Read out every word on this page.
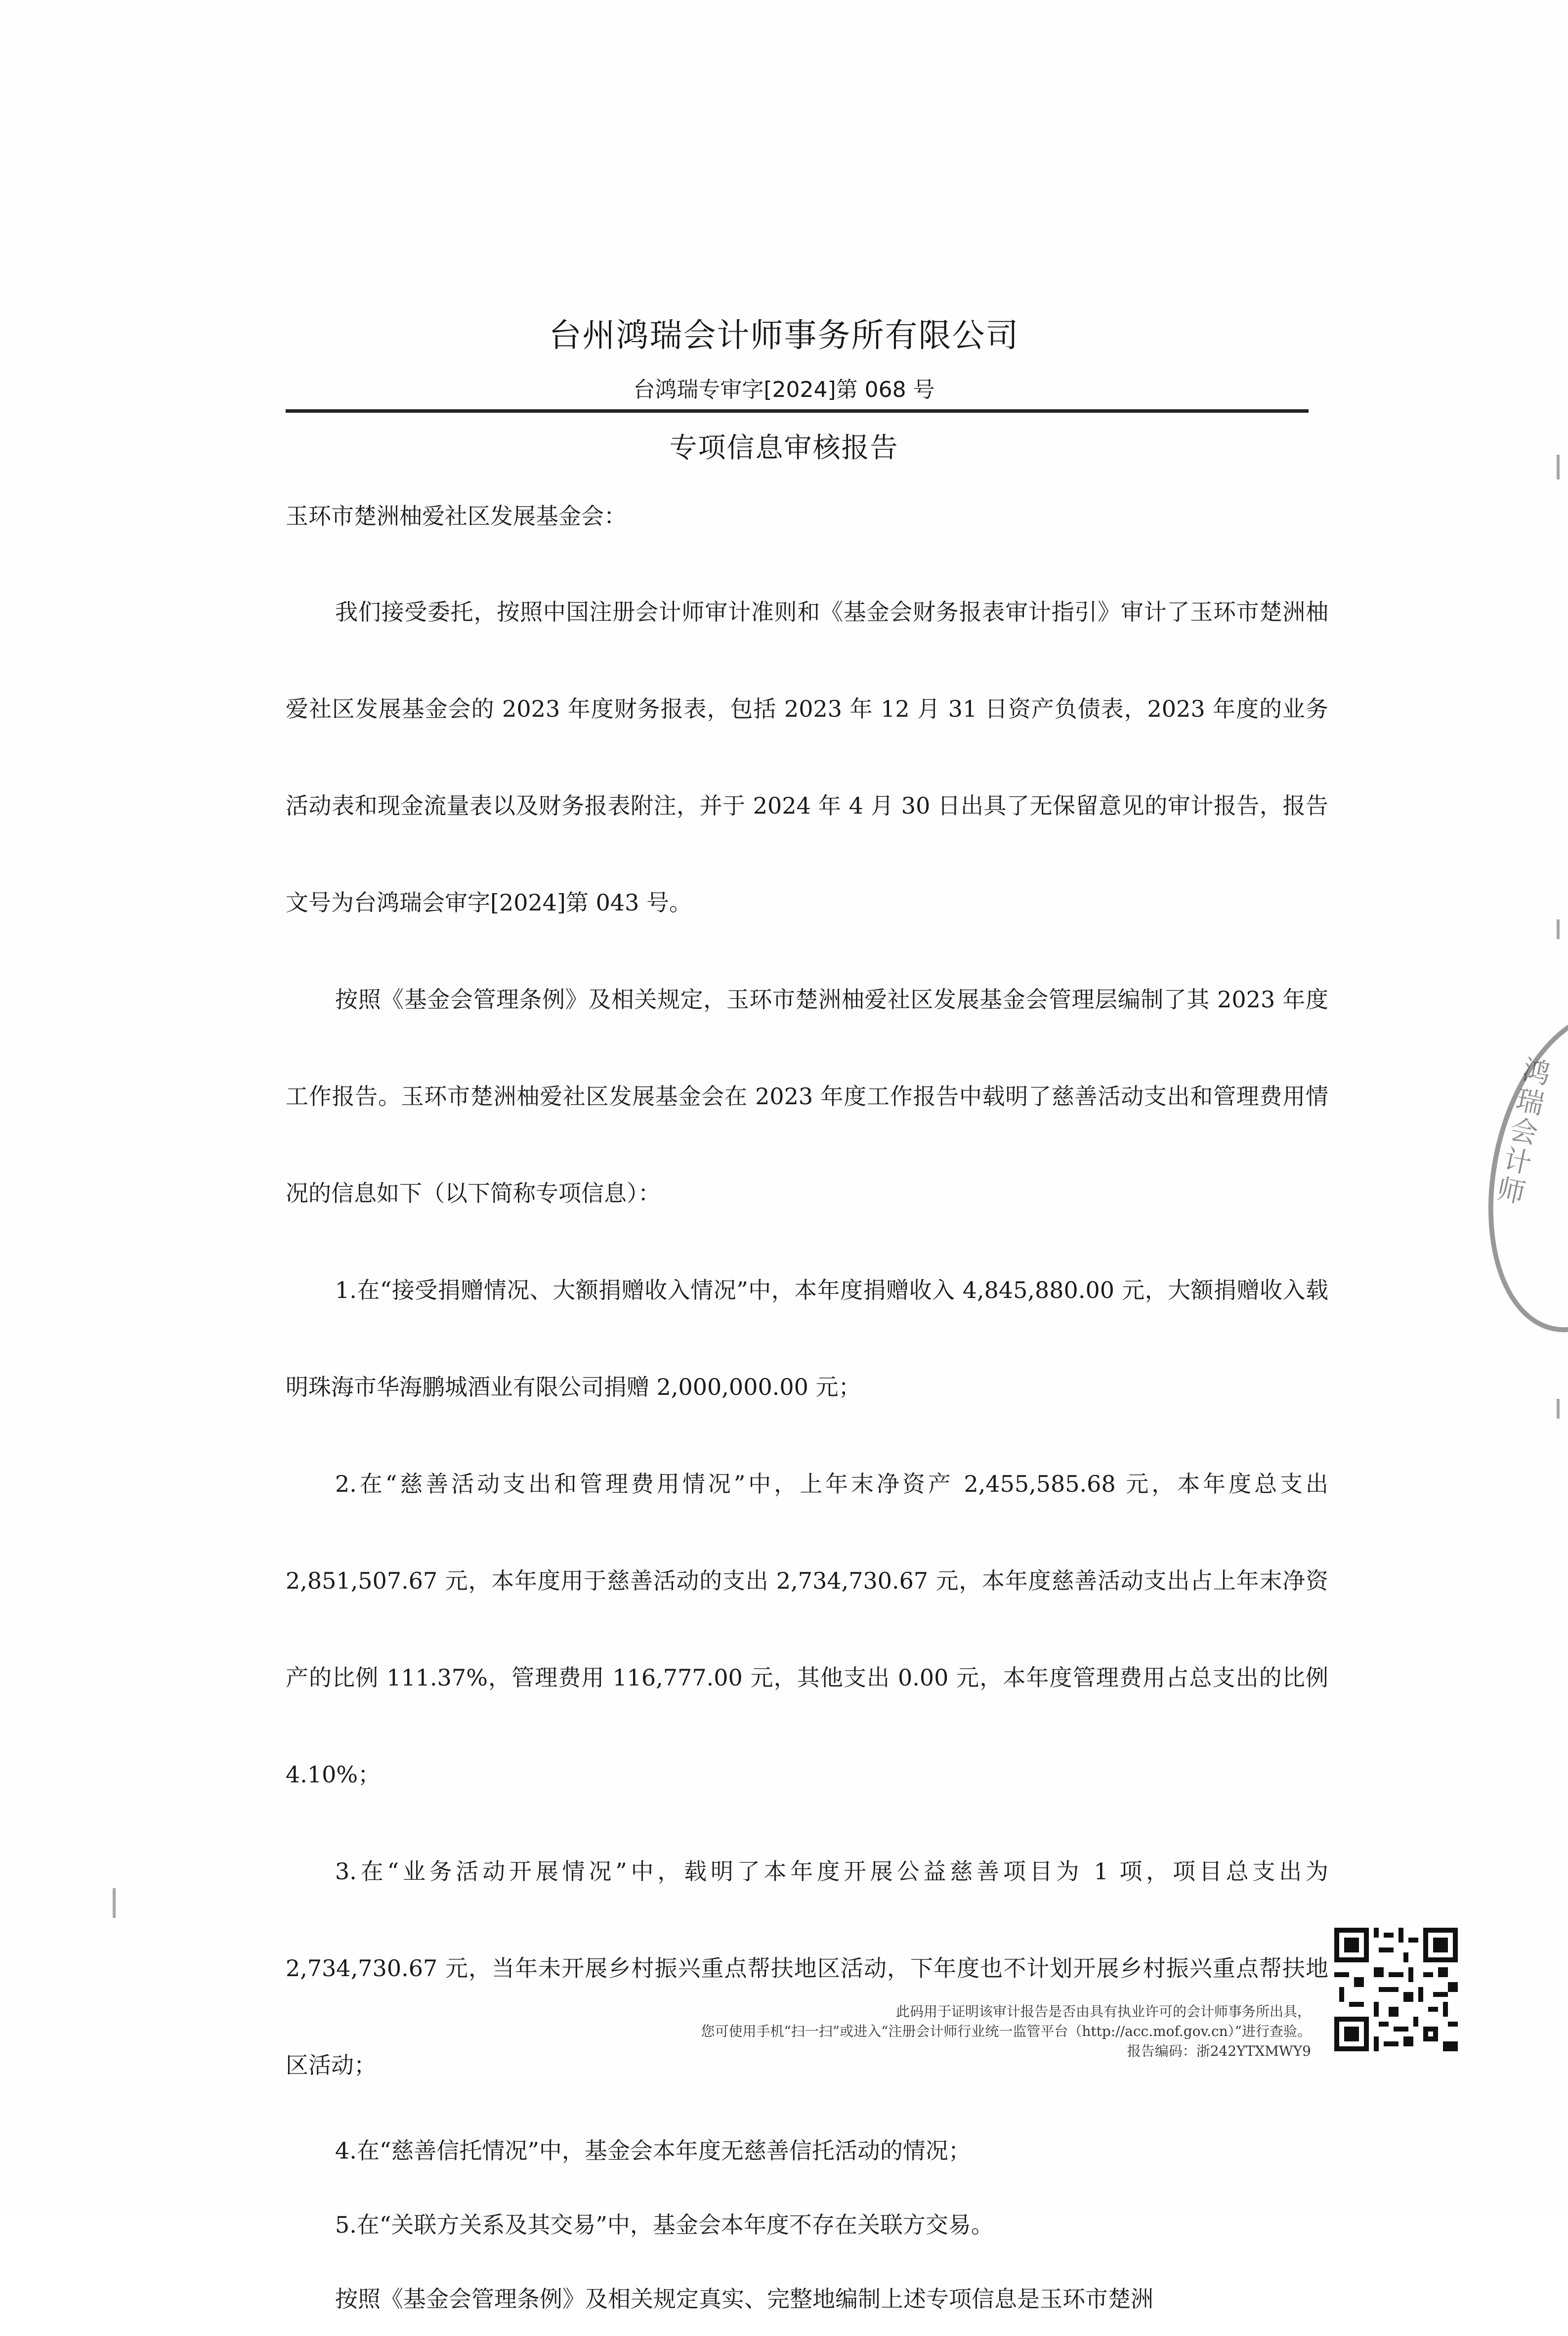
台州鸿瑞会计师事务所有限公司
台鸿瑞专审字[2024]第 068 号
专项信息审核报告
玉环市楚洲柚爱社区发展基金会：

我们接受委托，按照中国注册会计师审计准则和《基金会财务报表审计指引》审计了玉环市楚洲柚爱社区发展基金会的 2023 年度财务报表，包括 2023 年 12 月 31 日资产负债表，2023 年度的业务活动表和现金流量表以及财务报表附注，并于 2024 年 4 月 30 日出具了无保留意见的审计报告，报告文号为台鸿瑞会审字[2024]第 043 号。

按照《基金会管理条例》及相关规定，玉环市楚洲柚爱社区发展基金会管理层编制了其 2023 年度工作报告。玉环市楚洲柚爱社区发展基金会在 2023 年度工作报告中载明了慈善活动支出和管理费用情况的信息如下（以下简称专项信息）：

1.在“接受捐赠情况、大额捐赠收入情况”中，本年度捐赠收入 4,845,880.00 元，大额捐赠收入载明珠海市华海鹏城酒业有限公司捐赠 2,000,000.00 元；

2.在“慈善活动支出和管理费用情况”中，上年末净资产 2,455,585.68 元，本年度总支出 2,851,507.67 元，本年度用于慈善活动的支出 2,734,730.67 元，本年度慈善活动支出占上年末净资产的比例 111.37%，管理费用 116,777.00 元，其他支出 0.00 元，本年度管理费用占总支出的比例 4.10%；

3.在“业务活动开展情况”中，载明了本年度开展公益慈善项目为 1 项，项目总支出为 2,734,730.67 元，当年未开展乡村振兴重点帮扶地区活动，下年度也不计划开展乡村振兴重点帮扶地区活动；

4.在“慈善信托情况”中，基金会本年度无慈善信托活动的情况；

5.在“关联方关系及其交易”中，基金会本年度不存在关联方交易。

按照《基金会管理条例》及相关规定真实、完整地编制上述专项信息是玉环市楚洲

鸿瑞会计师
此码用于证明该审计报告是否由具有执业许可的会计师事务所出具，
您可使用手机“扫一扫”或进入“注册会计师行业统一监管平台（http://acc.mof.gov.cn）”进行查验。
报告编码：浙242YTXMWY9
